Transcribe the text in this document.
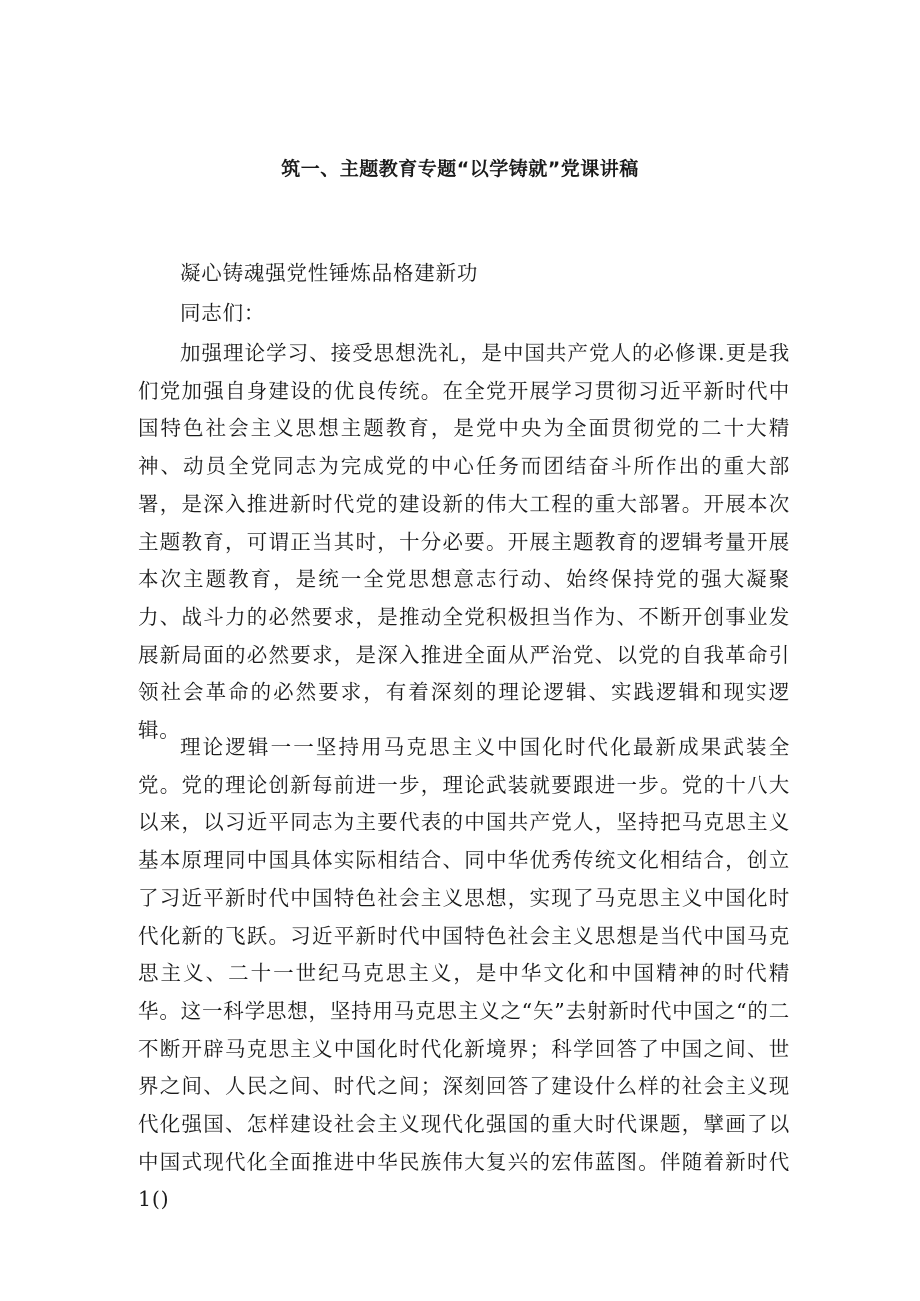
筑一、主题教育专题“以学铸就”党课讲稿

凝心铸魂强党性锤炼品格建新功

同志们：

加强理论学习、接受思想洗礼，是中国共产党人的必修课.更是我们党加强自身建设的优良传统。在全党开展学习贯彻习近平新时代中国特色社会主义思想主题教育，是党中央为全面贯彻党的二十大精神、动员全党同志为完成党的中心任务而团结奋斗所作出的重大部署，是深入推进新时代党的建设新的伟大工程的重大部署。开展本次主题教育，可谓正当其时，十分必要。开展主题教育的逻辑考量开展本次主题教育，是统一全党思想意志行动、始终保持党的强大凝聚力、战斗力的必然要求，是推动全党积极担当作为、不断开创事业发展新局面的必然要求，是深入推进全面从严治党、以党的自我革命引领社会革命的必然要求，有着深刻的理论逻辑、实践逻辑和现实逻辑。

理论逻辑一一坚持用马克思主义中国化时代化最新成果武装全党。党的理论创新每前进一步，理论武装就要跟进一步。党的十八大以来，以习近平同志为主要代表的中国共产党人，坚持把马克思主义基本原理同中国具体实际相结合、同中华优秀传统文化相结合，创立了习近平新时代中国特色社会主义思想，实现了马克思主义中国化时代化新的飞跃。习近平新时代中国特色社会主义思想是当代中国马克思主义、二十一世纪马克思主义，是中华文化和中国精神的时代精华。这一科学思想，坚持用马克思主义之“矢”去射新时代中国之“的二不断开辟马克思主义中国化时代化新境界；科学回答了中国之间、世界之间、人民之间、时代之间；深刻回答了建设什么样的社会主义现代化强国、怎样建设社会主义现代化强国的重大时代课题，擘画了以中国式现代化全面推进中华民族伟大复兴的宏伟蓝图。伴随着新时代1()
